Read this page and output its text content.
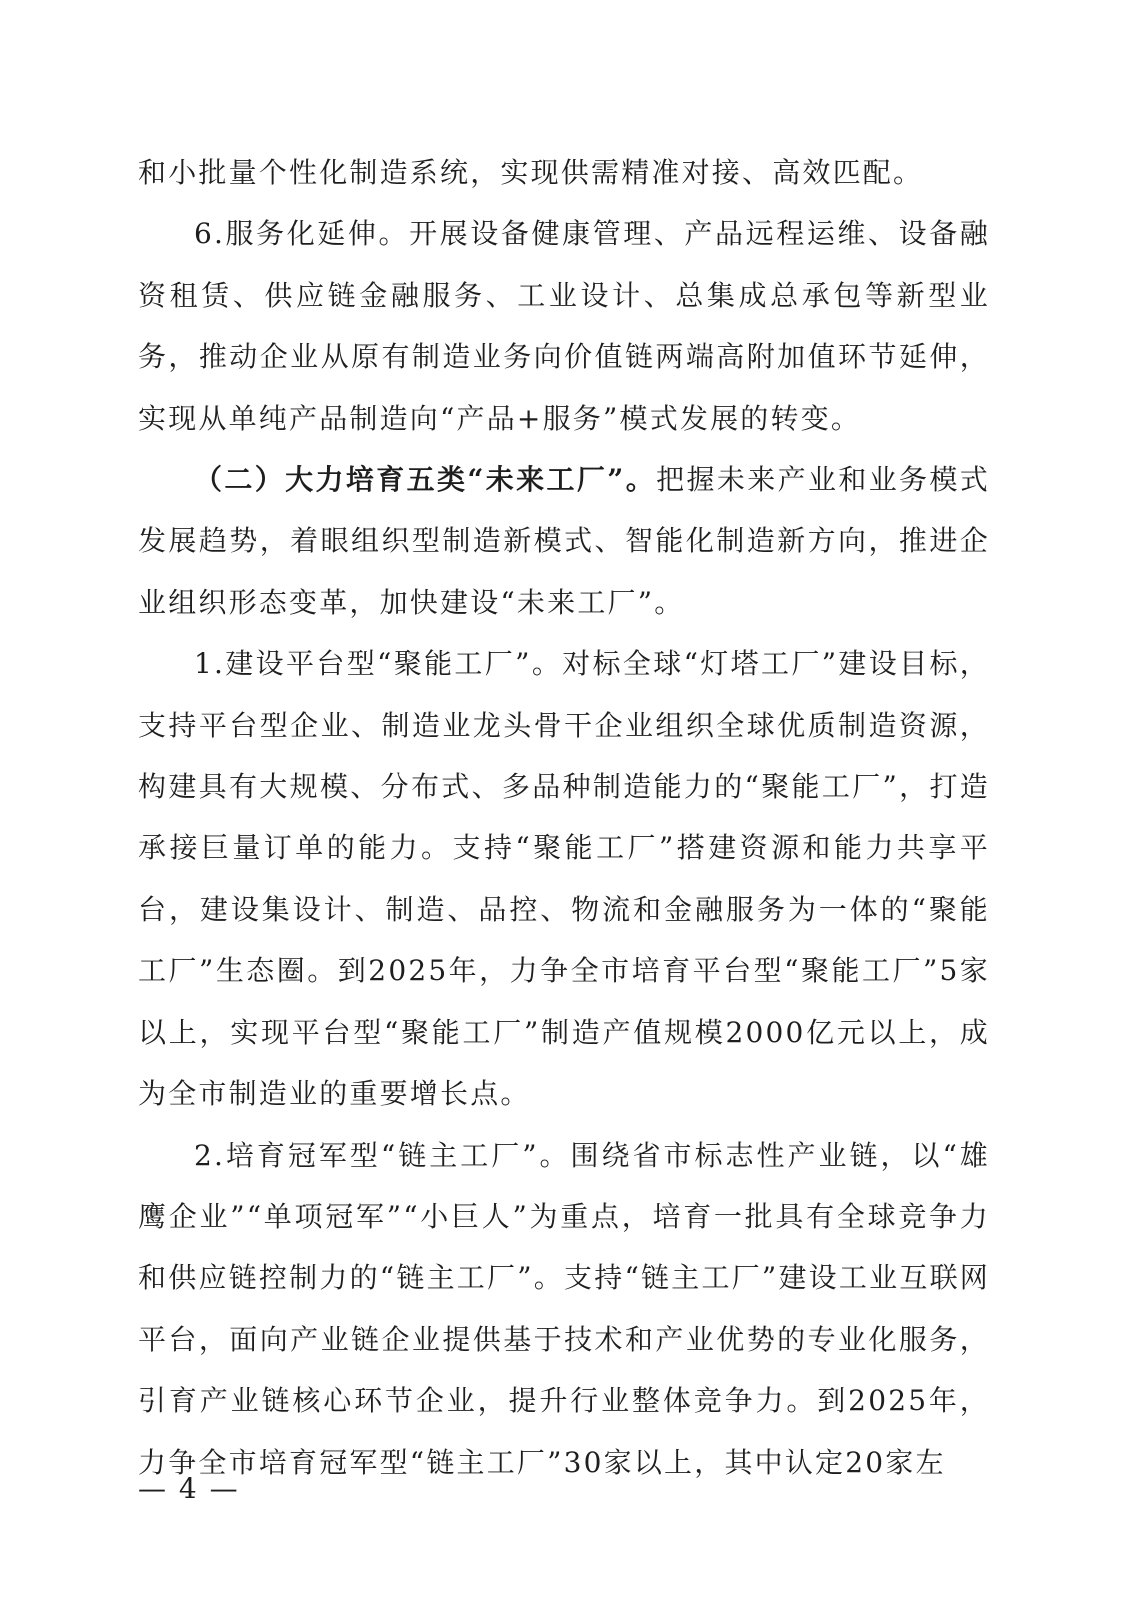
和小批量个性化制造系统，实现供需精准对接、高效匹配。

6.服务化延伸。开展设备健康管理、产品远程运维、设备融资租赁、供应链金融服务、工业设计、总集成总承包等新型业务，推动企业从原有制造业务向价值链两端高附加值环节延伸，实现从单纯产品制造向“产品+服务”模式发展的转变。

（二）大力培育五类“未来工厂”。把握未来产业和业务模式发展趋势，着眼组织型制造新模式、智能化制造新方向，推进企业组织形态变革，加快建设“未来工厂”。

1.建设平台型“聚能工厂”。对标全球“灯塔工厂”建设目标，支持平台型企业、制造业龙头骨干企业组织全球优质制造资源，构建具有大规模、分布式、多品种制造能力的“聚能工厂”，打造承接巨量订单的能力。支持“聚能工厂”搭建资源和能力共享平台，建设集设计、制造、品控、物流和金融服务为一体的“聚能工厂”生态圈。到2025年，力争全市培育平台型“聚能工厂”5家以上，实现平台型“聚能工厂”制造产值规模2000亿元以上，成为全市制造业的重要增长点。

2.培育冠军型“链主工厂”。围绕省市标志性产业链，以“雄鹰企业”“单项冠军”“小巨人”为重点，培育一批具有全球竞争力和供应链控制力的“链主工厂”。支持“链主工厂”建设工业互联网平台，面向产业链企业提供基于技术和产业优势的专业化服务，引育产业链核心环节企业，提升行业整体竞争力。到2025年，力争全市培育冠军型“链主工厂”30家以上，其中认定20家左

— 4 —
